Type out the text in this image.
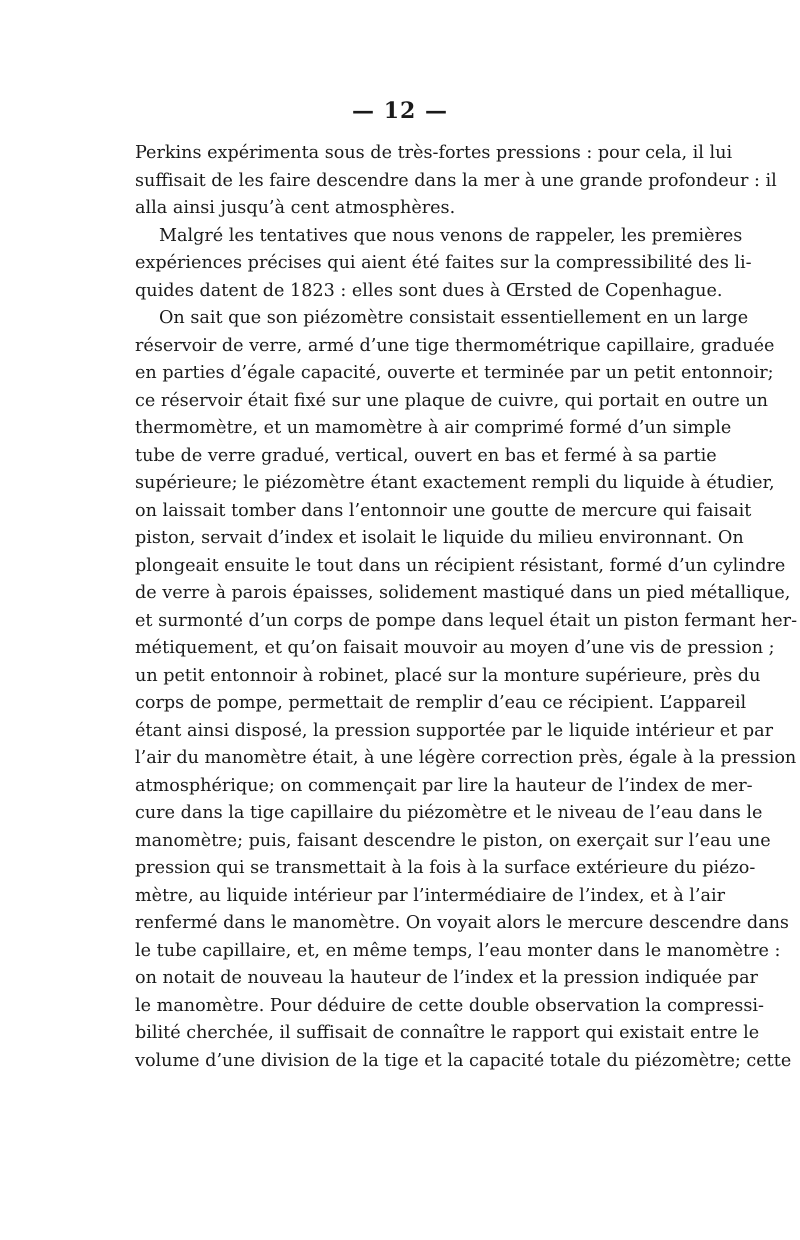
— 12 —
Perkins expérimenta sous de très-fortes pressions : pour cela, il lui
suffisait de les faire descendre dans la mer à une grande profondeur : il
alla ainsi jusqu’à cent atmosphères.
Malgré les tentatives que nous venons de rappeler, les premières
expériences précises qui aient été faites sur la compressibilité des li-
quides datent de 1823 : elles sont dues à Œrsted de Copenhague.
On sait que son piézomètre consistait essentiellement en un large
réservoir de verre, armé d’une tige thermométrique capillaire, graduée
en parties d’égale capacité, ouverte et terminée par un petit entonnoir;
ce réservoir était fixé sur une plaque de cuivre, qui portait en outre un
thermomètre, et un mamomètre à air comprimé formé d’un simple
tube de verre gradué, vertical, ouvert en bas et fermé à sa partie
supérieure; le piézomètre étant exactement rempli du liquide à étudier,
on laissait tomber dans l’entonnoir une goutte de mercure qui faisait
piston, servait d’index et isolait le liquide du milieu environnant. On
plongeait ensuite le tout dans un récipient résistant, formé d’un cylindre
de verre à parois épaisses, solidement mastiqué dans un pied métallique,
et surmonté d’un corps de pompe dans lequel était un piston fermant her-
métiquement, et qu’on faisait mouvoir au moyen d’une vis de pression ;
un petit entonnoir à robinet, placé sur la monture supérieure, près du
corps de pompe, permettait de remplir d’eau ce récipient. L’appareil
étant ainsi disposé, la pression supportée par le liquide intérieur et par
l’air du manomètre était, à une légère correction près, égale à la pression
atmosphérique; on commençait par lire la hauteur de l’index de mer-
cure dans la tige capillaire du piézomètre et le niveau de l’eau dans le
manomètre; puis, faisant descendre le piston, on exerçait sur l’eau une
pression qui se transmettait à la fois à la surface extérieure du piézo-
mètre, au liquide intérieur par l’intermédiaire de l’index, et à l’air
renfermé dans le manomètre. On voyait alors le mercure descendre dans
le tube capillaire, et, en même temps, l’eau monter dans le manomètre :
on notait de nouveau la hauteur de l’index et la pression indiquée par
le manomètre. Pour déduire de cette double observation la compressi-
bilité cherchée, il suffisait de connaître le rapport qui existait entre le
volume d’une division de la tige et la capacité totale du piézomètre; cette
